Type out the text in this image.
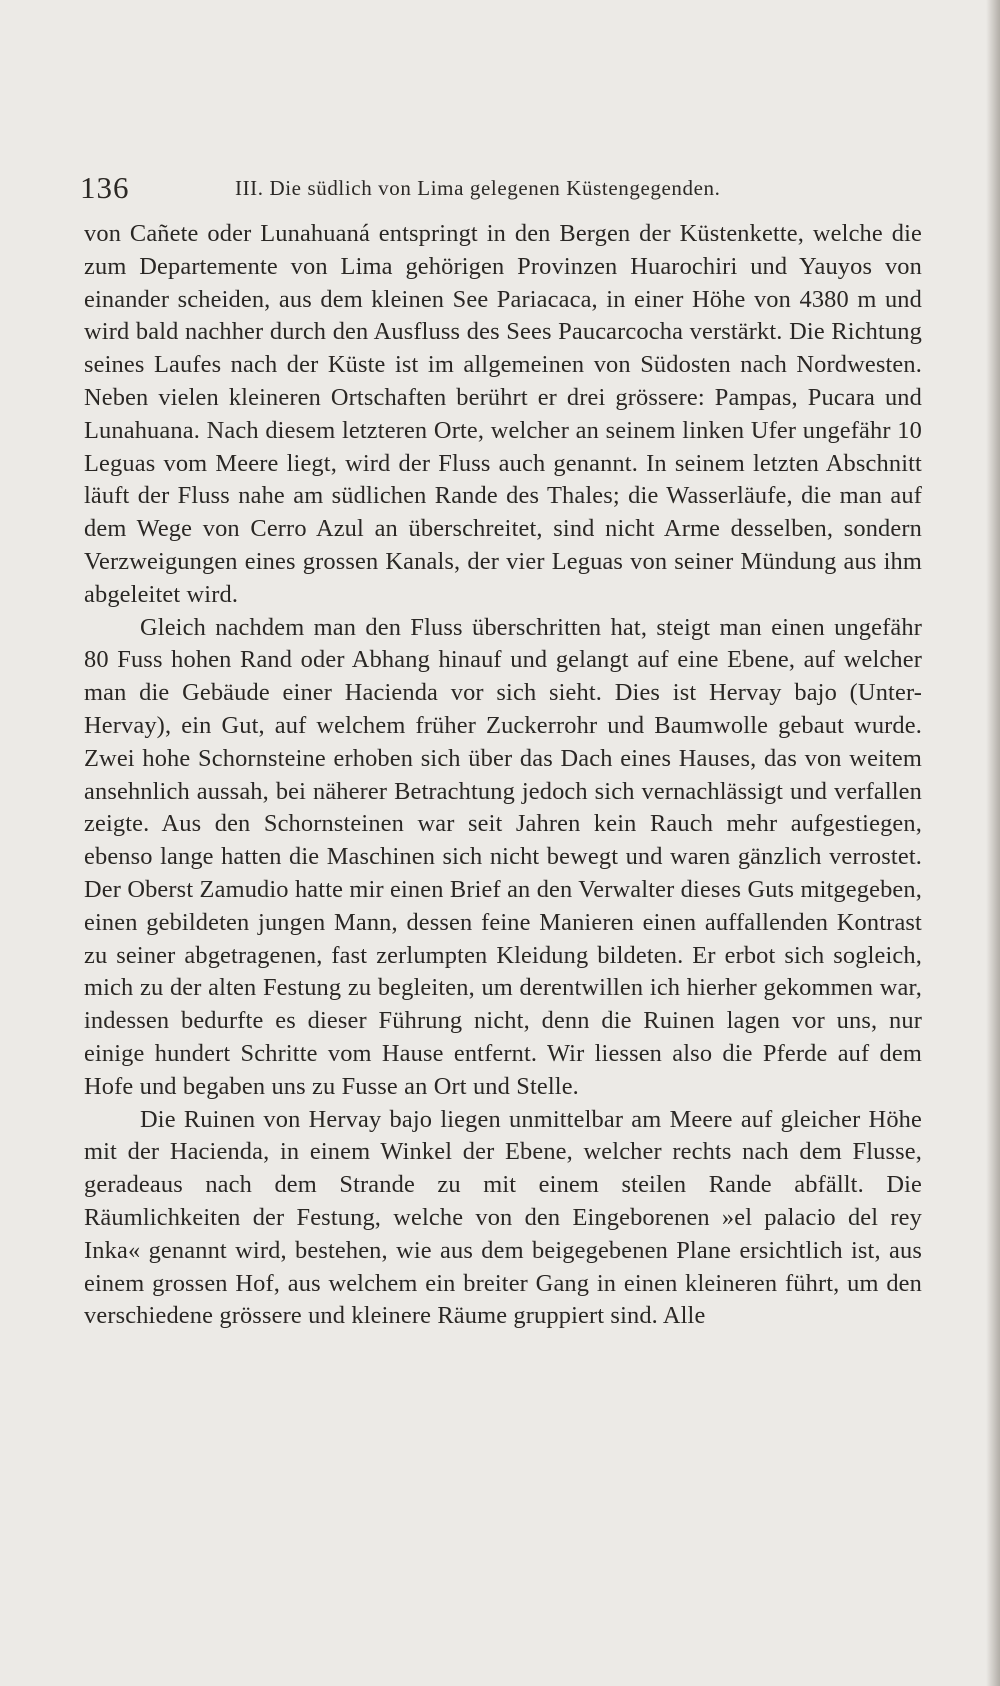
136	III. Die südlich von Lima gelegenen Küstengegenden.

von Cañete oder Lunahuaná entspringt in den Bergen der Küstenkette, welche die zum Departemente von Lima gehörigen Provinzen Huarochiri und Yauyos von einander scheiden, aus dem kleinen See Pariacaca, in einer Höhe von 4380 m und wird bald nachher durch den Ausfluss des Sees Paucarcocha verstärkt. Die Richtung seines Laufes nach der Küste ist im allgemeinen von Südosten nach Nordwesten. Neben vielen kleineren Ortschaften berührt er drei grössere: Pampas, Pucara und Lunahuana. Nach diesem letzteren Orte, welcher an seinem linken Ufer ungefähr 10 Leguas vom Meere liegt, wird der Fluss auch genannt. In seinem letzten Abschnitt läuft der Fluss nahe am südlichen Rande des Thales; die Wasserläufe, die man auf dem Wege von Cerro Azul an überschreitet, sind nicht Arme desselben, sondern Verzweigungen eines grossen Kanals, der vier Leguas von seiner Mündung aus ihm abgeleitet wird.

Gleich nachdem man den Fluss überschritten hat, steigt man einen ungefähr 80 Fuss hohen Rand oder Abhang hinauf und gelangt auf eine Ebene, auf welcher man die Gebäude einer Hacienda vor sich sieht. Dies ist Hervay bajo (Unter-Hervay), ein Gut, auf welchem früher Zuckerrohr und Baumwolle gebaut wurde. Zwei hohe Schornsteine erhoben sich über das Dach eines Hauses, das von weitem ansehnlich aussah, bei näherer Betrachtung jedoch sich vernachlässigt und verfallen zeigte. Aus den Schornsteinen war seit Jahren kein Rauch mehr aufgestiegen, ebenso lange hatten die Maschinen sich nicht bewegt und waren gänzlich verrostet. Der Oberst Zamudio hatte mir einen Brief an den Verwalter dieses Guts mitgegeben, einen gebildeten jungen Mann, dessen feine Manieren einen auffallenden Kontrast zu seiner abgetragenen, fast zerlumpten Kleidung bildeten. Er erbot sich sogleich, mich zu der alten Festung zu begleiten, um derentwillen ich hierher gekommen war, indessen bedurfte es dieser Führung nicht, denn die Ruinen lagen vor uns, nur einige hundert Schritte vom Hause entfernt. Wir liessen also die Pferde auf dem Hofe und begaben uns zu Fusse an Ort und Stelle.

Die Ruinen von Hervay bajo liegen unmittelbar am Meere auf gleicher Höhe mit der Hacienda, in einem Winkel der Ebene, welcher rechts nach dem Flusse, geradeaus nach dem Strande zu mit einem steilen Rande abfällt. Die Räumlichkeiten der Festung, welche von den Eingeborenen »el palacio del rey Inka« genannt wird, bestehen, wie aus dem beigegebenen Plane ersichtlich ist, aus einem grossen Hof, aus welchem ein breiter Gang in einen kleineren führt, um den verschiedene grössere und kleinere Räume gruppiert sind. Alle
